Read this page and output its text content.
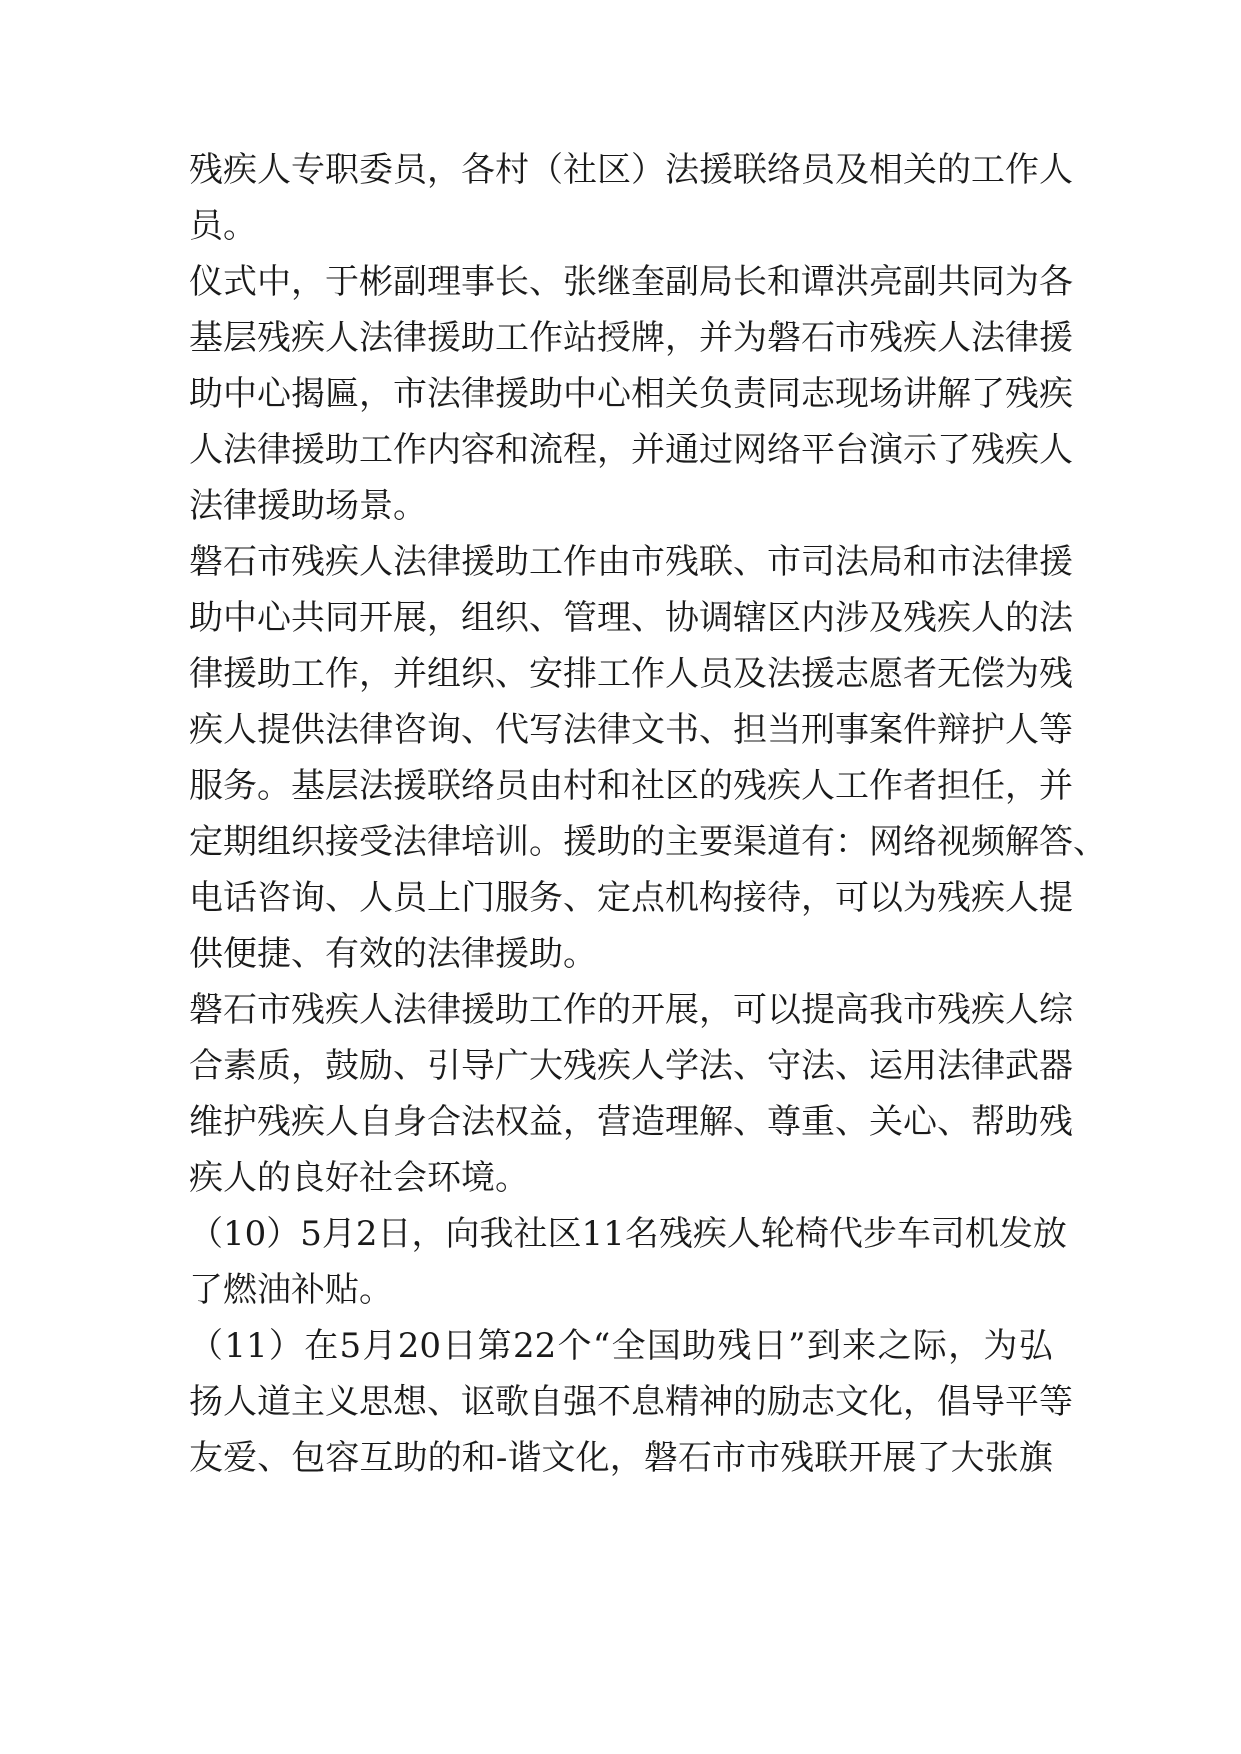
残 疾 人 专 职 委 员 ， 各 村 （ 社 区 ） 法 援 联 络 员 及 相 关 的 工 作 人
员。
仪 式 中 ， 于 彬 副 理 事 长 、 张 继 奎 副 局 长 和 谭 洪 亮 副 共 同 为 各
基 层 残 疾 人 法 律 援 助 工 作 站 授 牌 ， 并 为 磐 石 市 残 疾 人 法 律 援
助 中 心 揭 匾 ， 市 法 律 援 助 中 心 相 关 负 责 同 志 现 场 讲 解 了 残 疾
人 法 律 援 助 工 作 内 容 和 流 程 ， 并 通 过 网 络 平 台 演 示 了 残 疾 人
法律援助场景。
磐 石 市 残 疾 人 法 律 援 助 工 作 由 市 残 联 、 市 司 法 局 和 市 法 律 援
助 中 心 共 同 开 展 ， 组 织 、 管 理 、 协 调 辖 区 内 涉 及 残 疾 人 的 法
律 援 助 工 作 ， 并 组 织 、 安 排 工 作 人 员 及 法 援 志 愿 者 无 偿 为 残
疾 人 提 供 法 律 咨 询 、 代 写 法 律 文 书 、 担 当 刑 事 案 件 辩 护 人 等
服 务 。 基 层 法 援 联 络 员 由 村 和 社 区 的 残 疾 人 工 作 者 担 任 ， 并
定 期 组 织 接 受 法 律 培 训 。 援 助 的 主 要 渠 道 有 ： 网 络 视 频 解 答 、
电 话 咨 询 、 人 员 上 门 服 务 、 定 点 机 构 接 待 ， 可 以 为 残 疾 人 提
供便捷、有效的法律援助。
磐 石 市 残 疾 人 法 律 援 助 工 作 的 开 展 ， 可 以 提 高 我 市 残 疾 人 综
合 素 质 ， 鼓 励 、 引 导 广 大 残 疾 人 学 法 、 守 法 、 运 用 法 律 武 器
维 护 残 疾 人 自 身 合 法 权 益 ， 营 造 理 解 、 尊 重 、 关 心 、 帮 助 残
疾人的良好社会环境。
（ 10 ） 5 月 2 日 ， 向 我 社 区 11 名 残 疾 人 轮 椅 代 步 车 司 机 发 放
了燃油补贴。
（ 11 ） 在 5 月 20 日 第 22 个 “ 全 国 助 残 日 ” 到 来 之 际 ， 为 弘
扬 人 道 主 义 思 想 、 讴 歌 自 强 不 息 精 神 的 励 志 文 化 ， 倡 导 平 等
友 爱 、 包 容 互 助 的 和 - 谐 文 化 ， 磐 石 市 市 残 联 开 展 了 大 张 旗
